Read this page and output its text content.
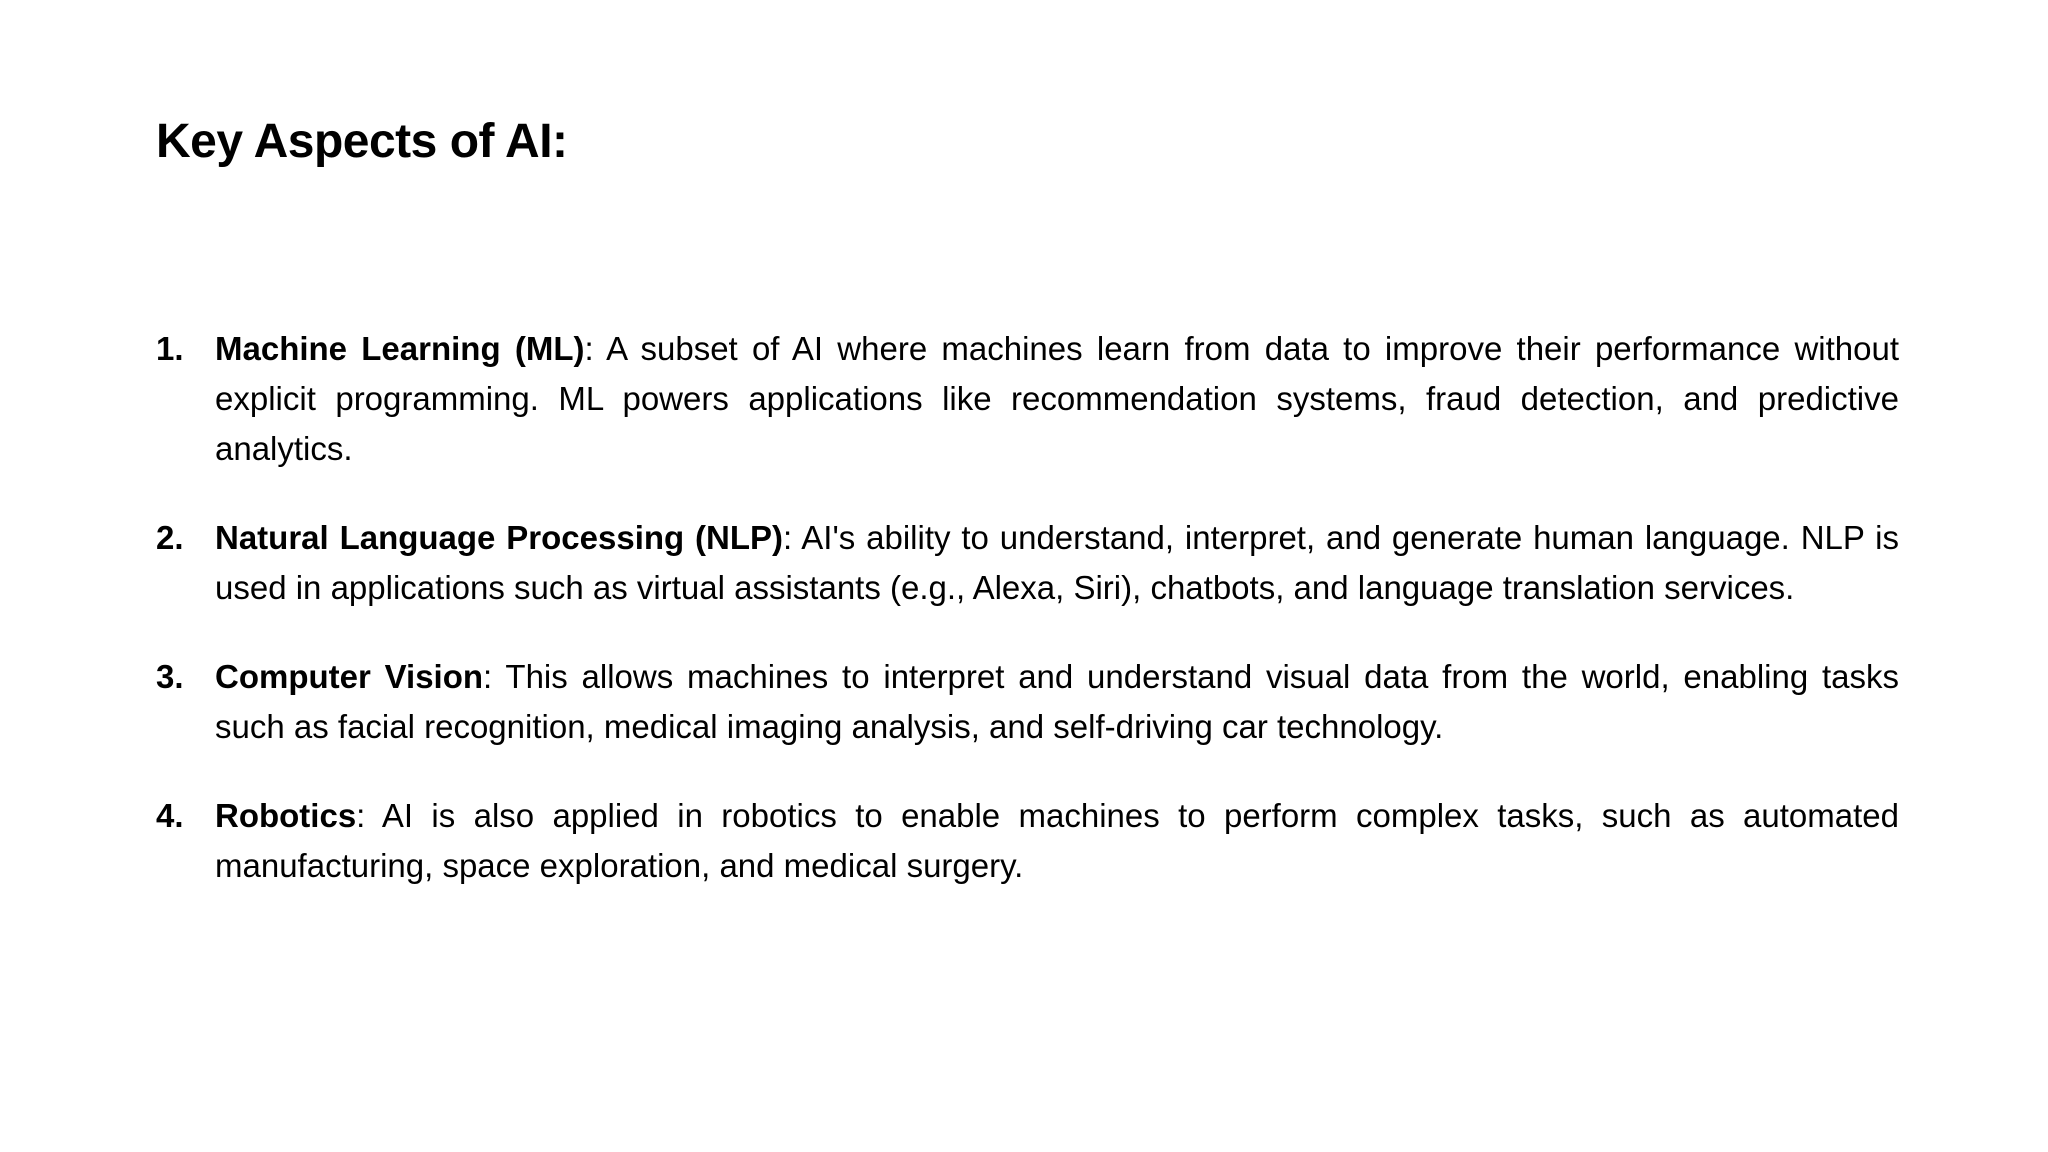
Key Aspects of AI:
1. Machine Learning (ML): A subset of AI where machines learn from data to improve their performance without explicit programming. ML powers applications like recommendation systems, fraud detection, and predictive analytics.
2. Natural Language Processing (NLP): AI's ability to understand, interpret, and generate human language. NLP is used in applications such as virtual assistants (e.g., Alexa, Siri), chatbots, and language translation services.
3. Computer Vision: This allows machines to interpret and understand visual data from the world, enabling tasks such as facial recognition, medical imaging analysis, and self-driving car technology.
4. Robotics: AI is also applied in robotics to enable machines to perform complex tasks, such as automated manufacturing, space exploration, and medical surgery.
